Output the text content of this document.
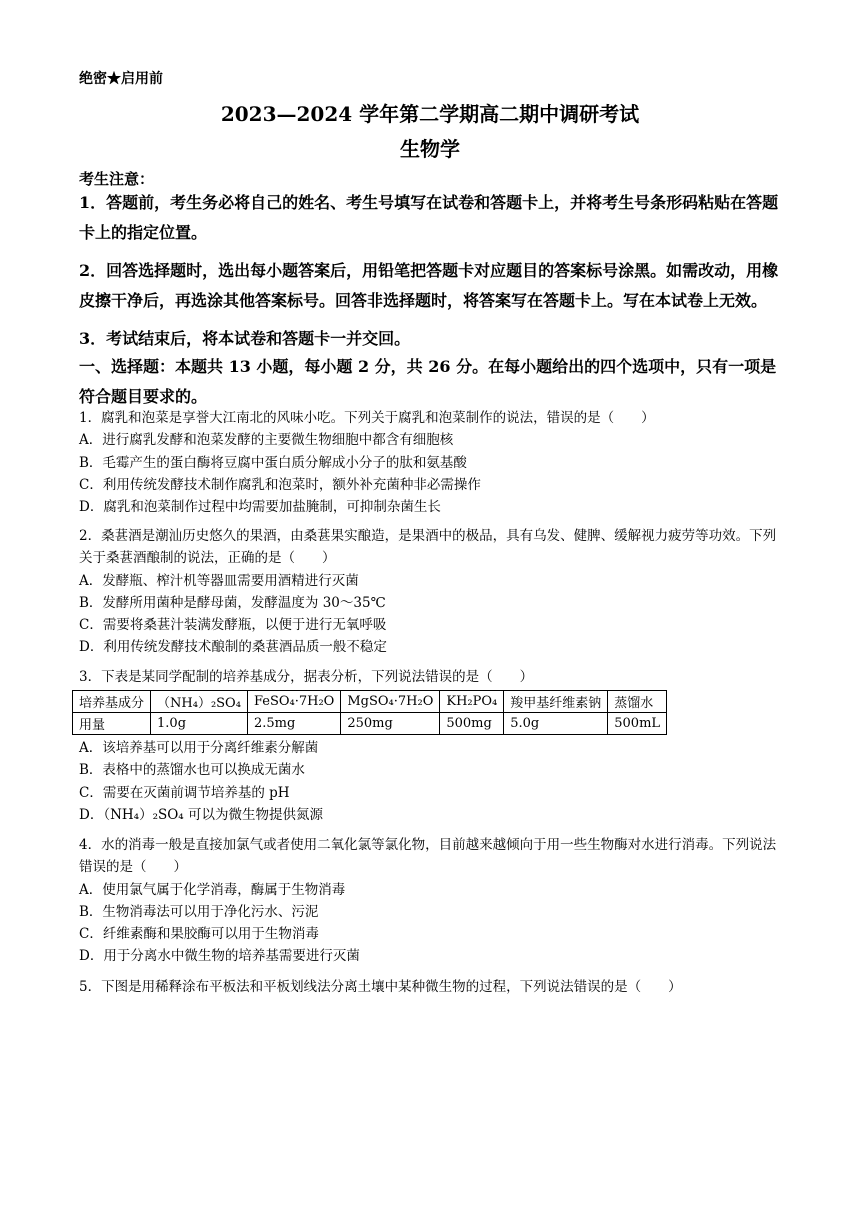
绝密★启用前
2023—2024 学年第二学期高二期中调研考试
生物学
考生注意：
1．答题前，考生务必将自己的姓名、考生号填写在试卷和答题卡上，并将考生号条形码粘贴在答题卡上的指定位置。
2．回答选择题时，选出每小题答案后，用铅笔把答题卡对应题目的答案标号涂黑。如需改动，用橡皮擦干净后，再选涂其他答案标号。回答非选择题时，将答案写在答题卡上。写在本试卷上无效。
3．考试结束后，将本试卷和答题卡一并交回。
一、选择题：本题共 13 小题，每小题 2 分，共 26 分。在每小题给出的四个选项中，只有一项是符合题目要求的。
1．腐乳和泡菜是享誉大江南北的风味小吃。下列关于腐乳和泡菜制作的说法，错误的是（　　）
A．进行腐乳发酵和泡菜发酵的主要微生物细胞中都含有细胞核
B．毛霉产生的蛋白酶将豆腐中蛋白质分解成小分子的肽和氨基酸
C．利用传统发酵技术制作腐乳和泡菜时，额外补充菌种非必需操作
D．腐乳和泡菜制作过程中均需要加盐腌制，可抑制杂菌生长
2．桑葚酒是潮汕历史悠久的果酒，由桑葚果实酿造，是果酒中的极品，具有乌发、健脾、缓解视力疲劳等功效。下列关于桑葚酒酿制的说法，正确的是（　　）
A．发酵瓶、榨汁机等器皿需要用酒精进行灭菌
B．发酵所用菌种是酵母菌，发酵温度为 30～35℃
C．需要将桑葚汁装满发酵瓶，以便于进行无氧呼吸
D．利用传统发酵技术酿制的桑葚酒品质一般不稳定
3．下表是某同学配制的培养基成分，据表分析，下列说法错误的是（　　）
培养基成分	（NH₄）₂SO₄	FeSO₄·7H₂O	MgSO₄·7H₂O	KH₂PO₄	羧甲基纤维素钠	蒸馏水
用量	1.0g	2.5mg	250mg	500mg	5.0g	500mL
A．该培养基可以用于分离纤维素分解菌
B．表格中的蒸馏水也可以换成无菌水
C．需要在灭菌前调节培养基的 pH
D．（NH₄）₂SO₄ 可以为微生物提供氮源
4．水的消毒一般是直接加氯气或者使用二氧化氯等氯化物，目前越来越倾向于用一些生物酶对水进行消毒。下列说法错误的是（　　）
A．使用氯气属于化学消毒，酶属于生物消毒
B．生物消毒法可以用于净化污水、污泥
C．纤维素酶和果胶酶可以用于生物消毒
D．用于分离水中微生物的培养基需要进行灭菌
5．下图是用稀释涂布平板法和平板划线法分离土壤中某种微生物的过程，下列说法错误的是（　　）
